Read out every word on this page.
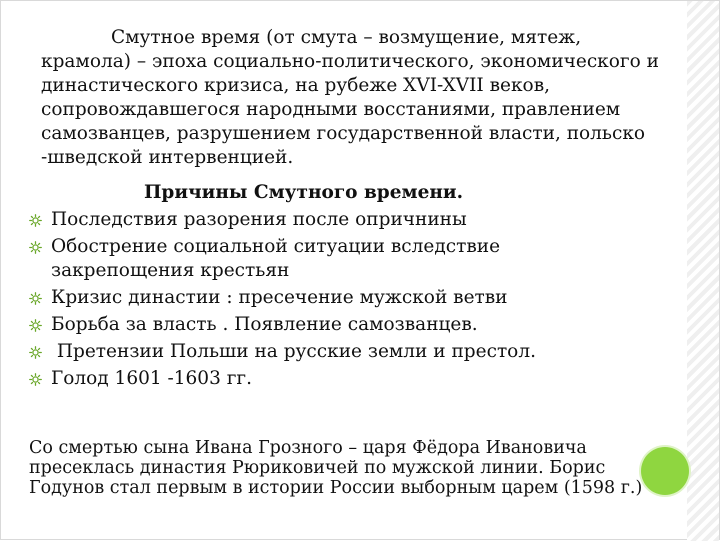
Смутное время (от смута – возмущение, мятеж, крамола) – эпоха социально-политического, экономического и династического кризиса, на рубеже XVI-XVII веков, сопровождавшегося народными восстаниями, правлением самозванцев, разрушением государственной власти, польско -шведской интервенцией.

Причины Смутного времени.

Последствия разорения после опричнины
Обострение социальной ситуации вследствие закрепощения крестьян
Кризис династии : пресечение мужской ветви
Борьба за власть . Появление самозванцев.
Претензии Польши на русские земли и престол.
Голод 1601 -1603 гг.

Со смертью сына Ивана Грозного – царя Фёдора Ивановича пресеклась династия Рюриковичей по мужской линии. Борис Годунов стал первым в истории России выборным царем (1598 г.)
